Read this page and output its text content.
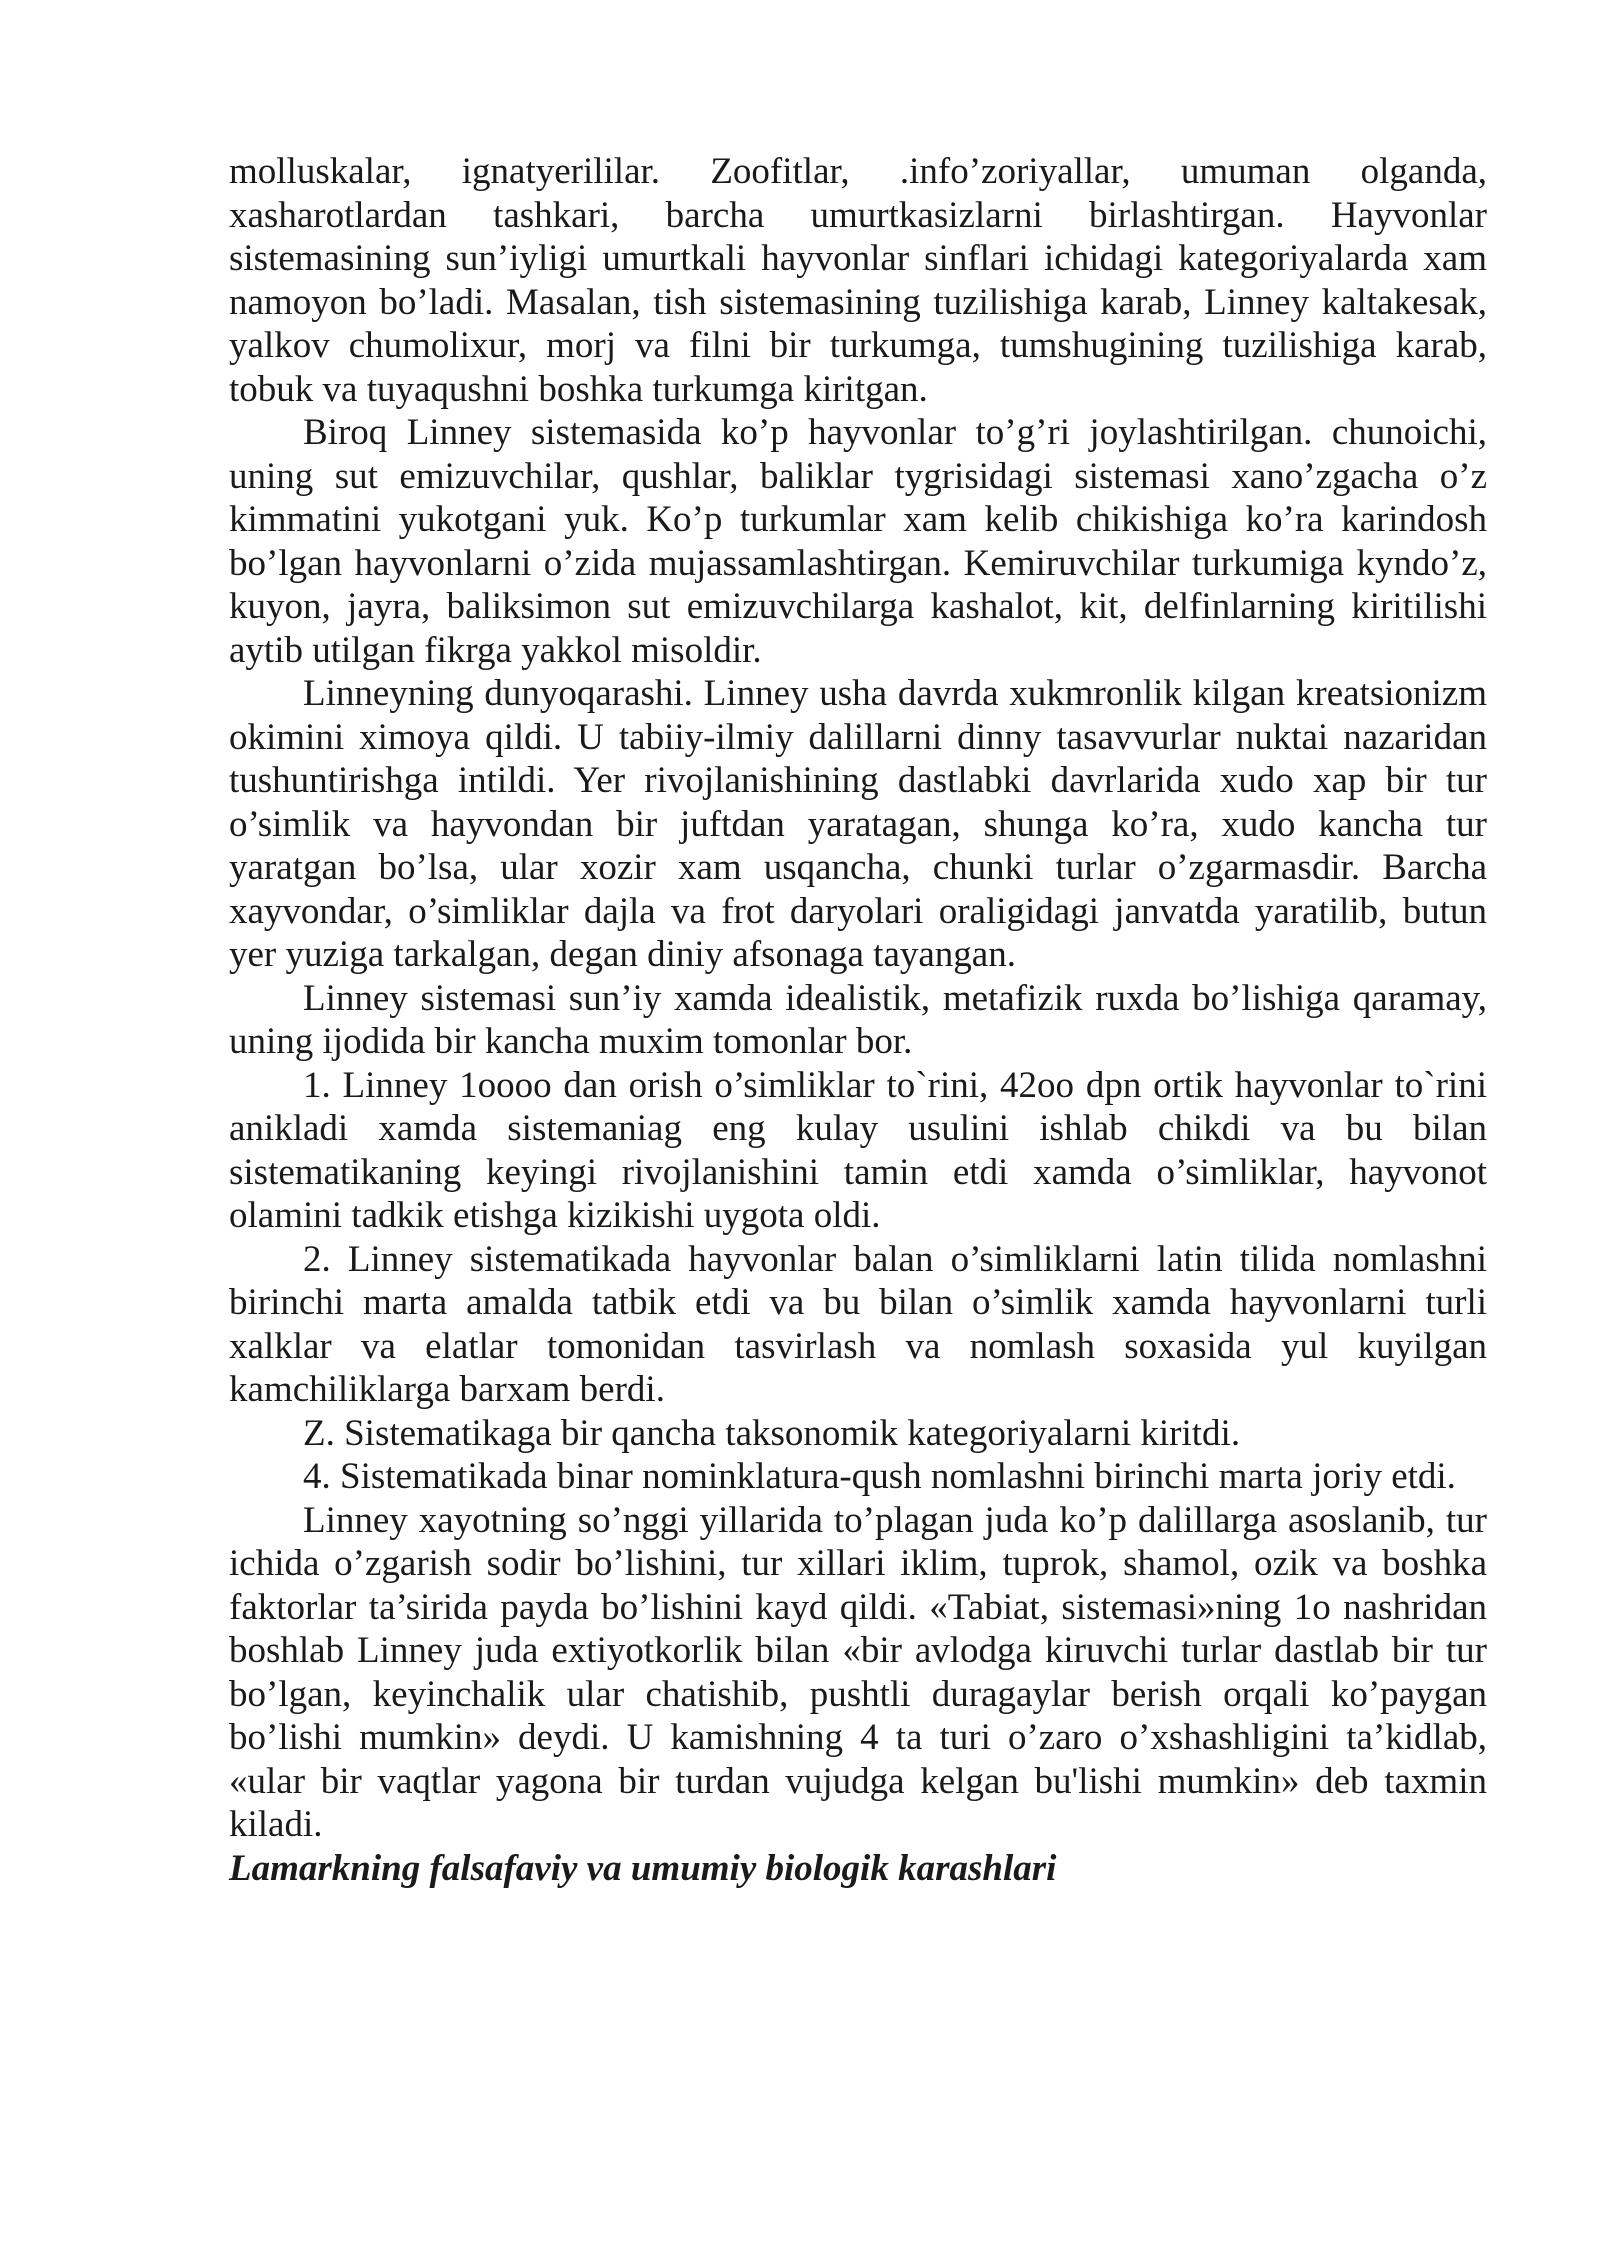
molluskalar, ignatyerililar. Zoofitlar, .info’zoriyallar, umuman olganda, xasharotlardan tashkari, barcha umurtkasizlarni birlashtirgan. Hayvonlar sistemasining sun’iyligi umurtkali hayvonlar sinflari ichidagi kategoriyalarda xam namoyon bo’ladi. Masalan, tish sistemasining tuzilishiga karab, Linney kaltakesak, yalkov chumolixur, morj va filni bir turkumga, tumshugining tuzilishiga karab, tobuk va tuyaqushni boshka turkumga kiritgan.

Biroq Linney sistemasida ko’p hayvonlar to’g’ri joylashtirilgan. chunoichi, uning sut emizuvchilar, qushlar, baliklar tygrisidagi sistemasi xano’zgacha o’z kimmatini yukotgani yuk. Ko’p turkumlar xam kelib chikishiga ko’ra karindosh bo’lgan hayvonlarni o’zida mujassamlashtirgan. Kemiruvchilar turkumiga kyndo’z, kuyon, jayra, baliksimon sut emizuvchilarga kashalot, kit, delfinlarning kiritilishi aytib utilgan fikrga yakkol misoldir.

Linneyning dunyoqarashi. Linney usha davrda xukmronlik kilgan kreatsionizm okimini ximoya qildi. U tabiiy-ilmiy dalillarni dinny tasavvurlar nuktai nazaridan tushuntirishga intildi. Yer rivojlanishining dastlabki davrlarida xudo xap bir tur o’simlik va hayvondan bir juftdan yaratagan, shunga ko’ra, xudo kancha tur yaratgan bo’lsa, ular xozir xam usqancha, chunki turlar o’zgarmasdir. Barcha xayvondar, o’simliklar dajla va frot daryolari oraligidagi janvatda yaratilib, butun yer yuziga tarkalgan, degan diniy afsonaga tayangan.

Linney sistemasi sun’iy xamda idealistik, metafizik ruxda bo’lishiga qaramay, uning ijodida bir kancha muxim tomonlar bor.

1. Linney 1oooo dan orish o’simliklar to`rini, 42oo dpn ortik hayvonlar to`rini anikladi xamda sistemaniag eng kulay usulini ishlab chikdi va bu bilan sistematikaning keyingi rivojlanishini tamin etdi xamda o’simliklar, hayvonot olamini tadkik etishga kizikishi uygota oldi.

2. Linney sistematikada hayvonlar balan o’simliklarni latin tilida nomlashni birinchi marta amalda tatbik etdi va bu bilan o’simlik xamda hayvonlarni turli xalklar va elatlar tomonidan tasvirlash va nomlash soxasida yul kuyilgan kamchiliklarga barxam berdi.

Z. Sistematikaga bir qancha taksonomik kategoriyalarni kiritdi.

4. Sistematikada binar nominklatura-qush nomlashni birinchi marta joriy etdi.

Linney xayotning so’nggi yillarida to’plagan juda ko’p dalillarga asoslanib, tur ichida o’zgarish sodir bo’lishini, tur xillari iklim, tuprok, shamol, ozik va boshka faktorlar ta’sirida payda bo’lishini kayd qildi. «Tabiat, sistemasi»ning 1o nashridan boshlab Linney juda extiyotkorlik bilan «bir avlodga kiruvchi turlar dastlab bir tur bo’lgan, keyinchalik ular chatishib, pushtli duragaylar berish orqali ko’paygan bo’lishi mumkin» deydi. U kamishning 4 ta turi o’zaro o’xshashligini ta’kidlab, «ular bir vaqtlar yagona bir turdan vujudga kelgan bu'lishi mumkin» deb taxmin kiladi.

Lamarkning falsafaviy va umumiy biologik karashlari
